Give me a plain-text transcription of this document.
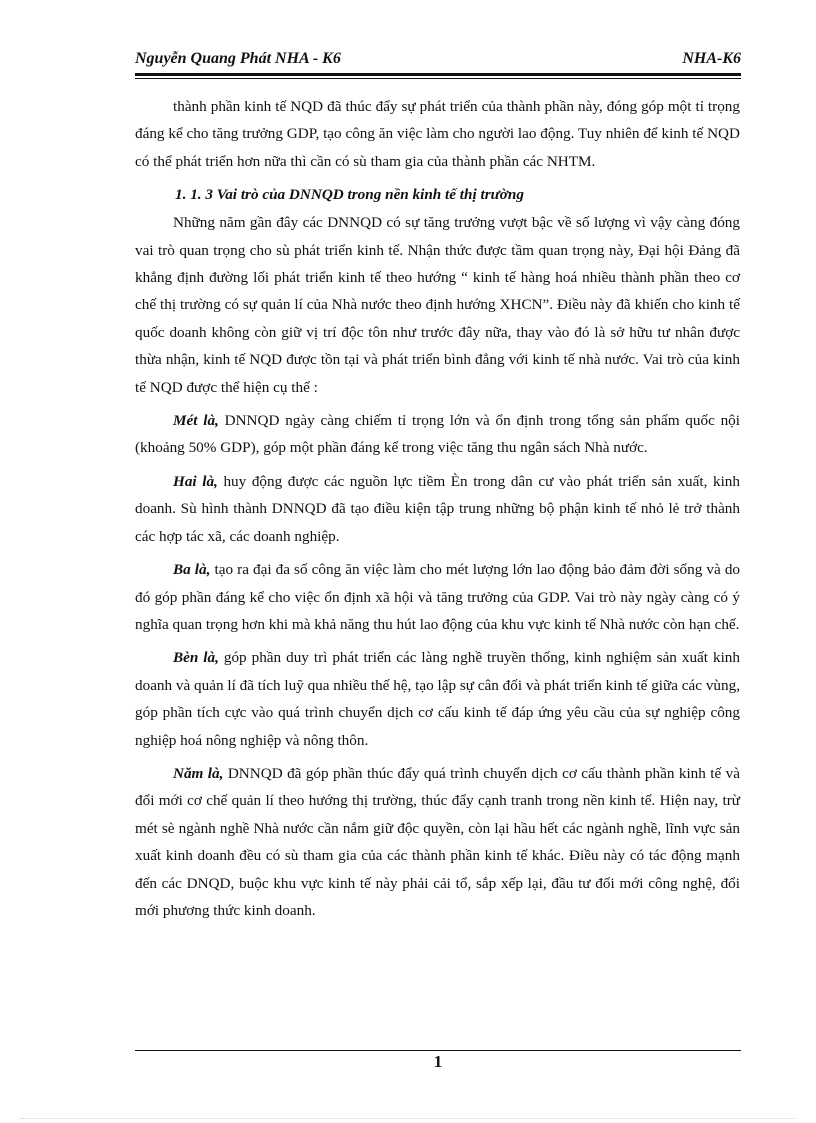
Nguyễn Quang Phát NHA - K6	NHA-K6

thành phần kinh tế NQD đã thúc đẩy sự phát triển của thành phần này, đóng góp một tỉ trọng đáng kể cho tăng trưởng GDP, tạo công ăn việc làm cho người lao động. Tuy nhiên để kinh tế NQD có thể phát triển hơn nữa thì cần có sù tham gia của thành phần các NHTM.

1. 1. 3 Vai trò của DNNQD trong nền kinh tế thị trường

Những năm gần đây các DNNQD có sự tăng trưởng vượt bậc về số lượng vì vậy càng đóng vai trò quan trọng cho sù phát triển kinh tế. Nhận thức được tầm quan trọng này, Đại hội Đảng đã khẳng định đường lối phát triển kinh tế theo hướng “ kinh tế hàng hoá nhiều thành phần theo cơ chế thị trường có sự quản lí của Nhà nước theo định hướng XHCN”. Điều này đã khiến cho kinh tế quốc doanh không còn giữ vị trí độc tôn như trước đây nữa, thay vào đó là sở hữu tư nhân được thừa nhận, kinh tế NQD được tồn tại và phát triển bình đẳng với kinh tế nhà nước. Vai trò của kinh tế NQD được thể hiện cụ thể :

Mét là, DNNQD ngày càng chiếm tỉ trọng lớn và ổn định trong tổng sản phẩm quốc nội (khoảng 50% GDP), góp một phần đáng kể trong việc tăng thu ngân sách Nhà nước.

Hai là, huy động được các nguồn lực tiềm Èn trong dân cư vào phát triển sản xuất, kinh doanh. Sù hình thành DNNQD đã tạo điều kiện tập trung những bộ phận kinh tế nhỏ lẻ trở thành các hợp tác xã, các doanh nghiệp.

Ba là, tạo ra đại đa số công ăn việc làm cho mét lượng lớn lao động bảo đảm đời sống và do đó góp phần đáng kể cho việc ổn định xã hội và tăng trưởng của GDP. Vai trò này ngày càng có ý nghĩa quan trọng hơn khi mà khả năng thu hút lao động của khu vực kinh tế Nhà nước còn hạn chế.

Bèn là, góp phần duy trì phát triển các làng nghề truyền thống, kinh nghiệm sản xuất kinh doanh và quản lí đã tích luỹ qua nhiều thế hệ, tạo lập sự cân đối và phát triển kinh tế giữa các vùng, góp phần tích cực vào quá trình chuyển dịch cơ cấu kinh tế đáp ứng yêu cầu của sự nghiệp công nghiệp hoá nông nghiệp và nông thôn.

Năm là, DNNQD đã góp phần thúc đẩy quá trình chuyển dịch cơ cấu thành phần kinh tế và đổi mới cơ chế quản lí theo hướng thị trường, thúc đẩy cạnh tranh trong nền kinh tế. Hiện nay, trừ mét sè ngành nghề Nhà nước cần nắm giữ độc quyền, còn lại hầu hết các ngành nghề, lĩnh vực sản xuất kinh doanh đều có sù tham gia của các thành phần kinh tế khác. Điều này có tác động mạnh đến các DNQD, buộc khu vực kinh tế này phải cải tổ, sắp xếp lại, đầu tư đổi mới công nghệ, đổi mới phương thức kinh doanh.

1
